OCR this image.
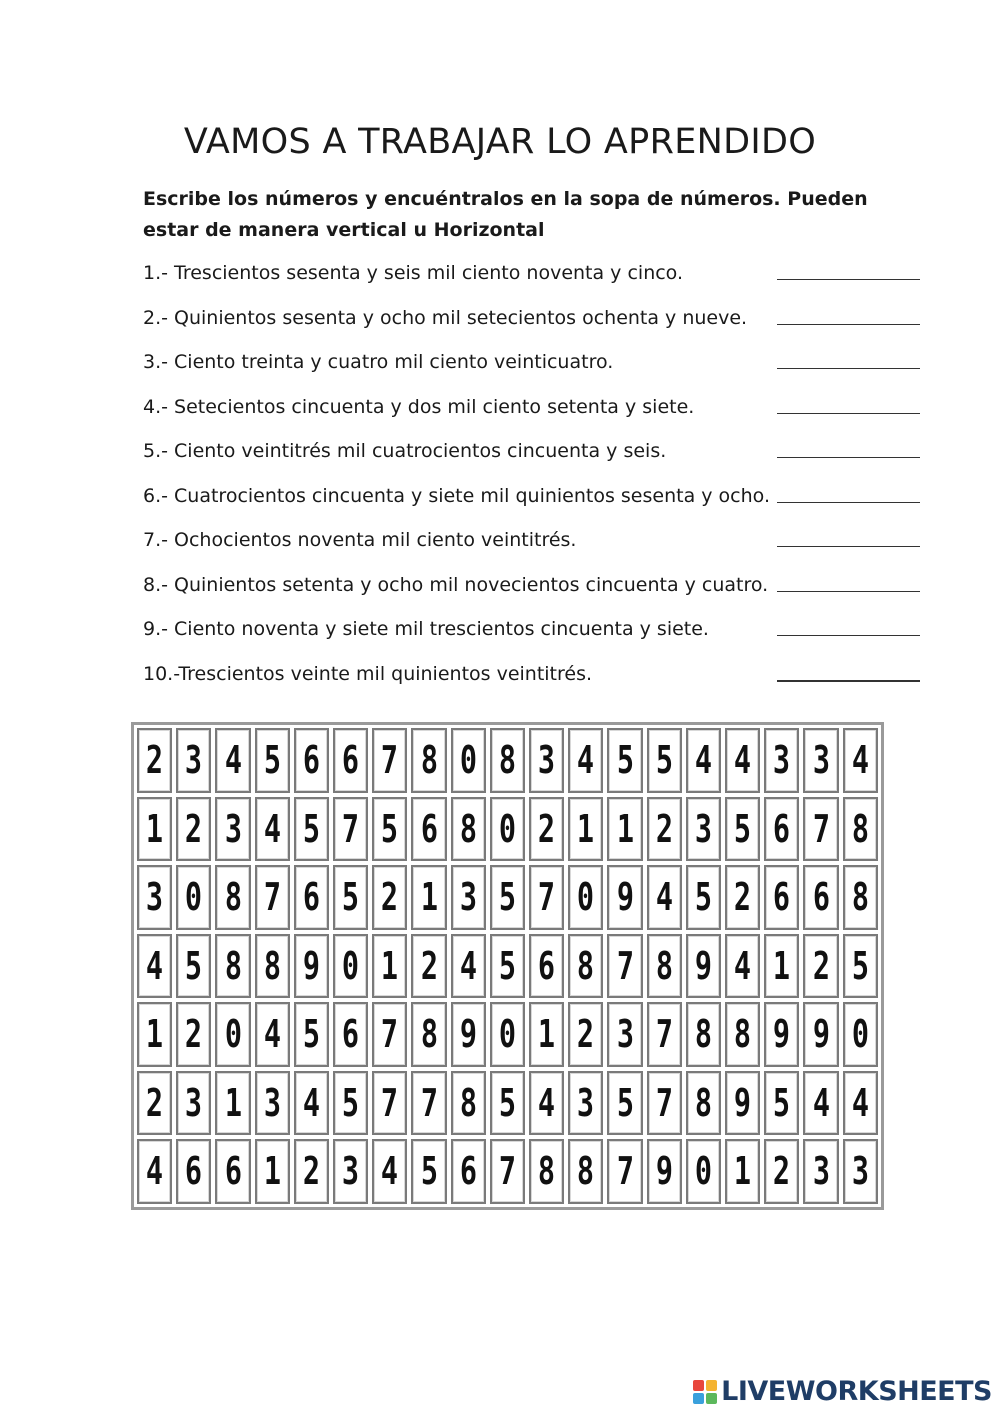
VAMOS A TRABAJAR LO APRENDIDO
Escribe los números y encuéntralos en la sopa de números. Pueden estar de manera vertical u Horizontal
1.- Trescientos sesenta y seis mil ciento noventa y cinco.
2.- Quinientos sesenta y ocho mil setecientos ochenta y nueve.
3.- Ciento treinta y cuatro mil ciento veinticuatro.
4.- Setecientos cincuenta y dos mil ciento setenta y siete.
5.- Ciento veintitrés mil cuatrocientos cincuenta y seis.
6.- Cuatrocientos cincuenta y siete mil quinientos sesenta y ocho.
7.- Ochocientos noventa mil ciento veintitrés.
8.- Quinientos setenta y ocho mil novecientos cincuenta y cuatro.
9.- Ciento noventa y siete mil trescientos cincuenta y siete.
10.-Trescientos veinte mil quinientos veintitrés.
2 3 4 5 6 6 7 8 0 8 3 4 5 5 4 4 3 3 4
1 2 3 4 5 7 5 6 8 0 2 1 1 2 3 5 6 7 8
3 0 8 7 6 5 2 1 3 5 7 0 9 4 5 2 6 6 8
4 5 8 8 9 0 1 2 4 5 6 8 7 8 9 4 1 2 5
1 2 0 4 5 6 7 8 9 0 1 2 3 7 8 8 9 9 0
2 3 1 3 4 5 7 7 8 5 4 3 5 7 8 9 5 4 4
4 6 6 1 2 3 4 5 6 7 8 8 7 9 0 1 2 3 3
LIVEWORKSHEETS
